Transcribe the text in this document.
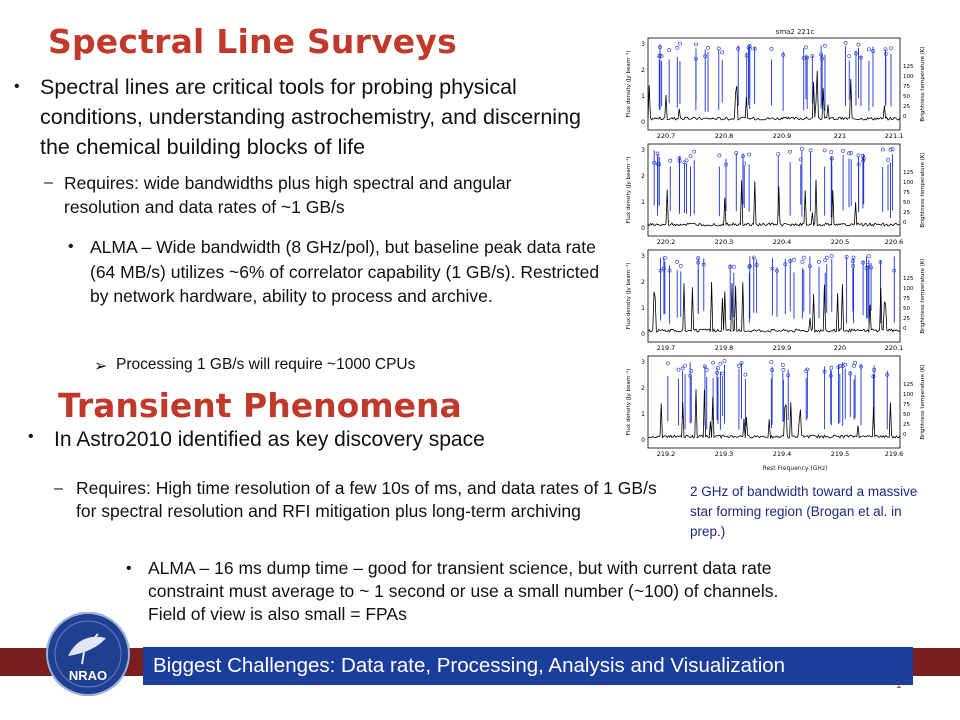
Spectral Line Surveys
• Spectral lines are critical tools for probing physical conditions, understanding astrochemistry, and discerning the chemical building blocks of life
– Requires: wide bandwidths plus high spectral and angular resolution and data rates of ~1 GB/s
• ALMA – Wide bandwidth (8 GHz/pol), but baseline peak data rate (64 MB/s) utilizes ~6% of correlator capability (1 GB/s). Restricted by network hardware, ability to process and archive.
➢ Processing 1 GB/s will require ~1000 CPUs
Transient Phenomena
• In Astro2010 identified as key discovery space
– Requires: High time resolution of a few 10s of ms, and data rates of 1 GB/s for spectral resolution and RFI mitigation plus long-term archiving
• ALMA – 16 ms dump time – good for transient science, but with current data rate constraint must average to ~ 1 second or use a small number (~100) of channels. Field of view is also small = FPAs
sma2 221c
220.7	220.8	220.9	221	221.1
3
2
1
0
125
100
75
50
25
0
Flux density (Jy beam⁻¹)	Brightness temperature (K)
220.2	220.3	220.4	220.5	220.6
3
2
1
0
125
100
75
50
25
0
Flux density (Jy beam⁻¹)	Brightness temperature (K)
219.7	219.8	219.9	220	220.1
3
2
1
0
125
100
75
50
25
0
Flux density (Jy beam⁻¹)	Brightness temperature (K)
219.2	219.3	219.4	219.5	219.6
3
2
1
0
125
100
75
50
25
0
Flux density (Jy beam⁻¹)	Brightness temperature (K)
Rest Frequency (GHz)
2 GHz of bandwidth toward a massive star forming region (Brogan et al. in prep.)
NRAO	Biggest Challenges: Data rate, Processing, Analysis and Visualization
1
